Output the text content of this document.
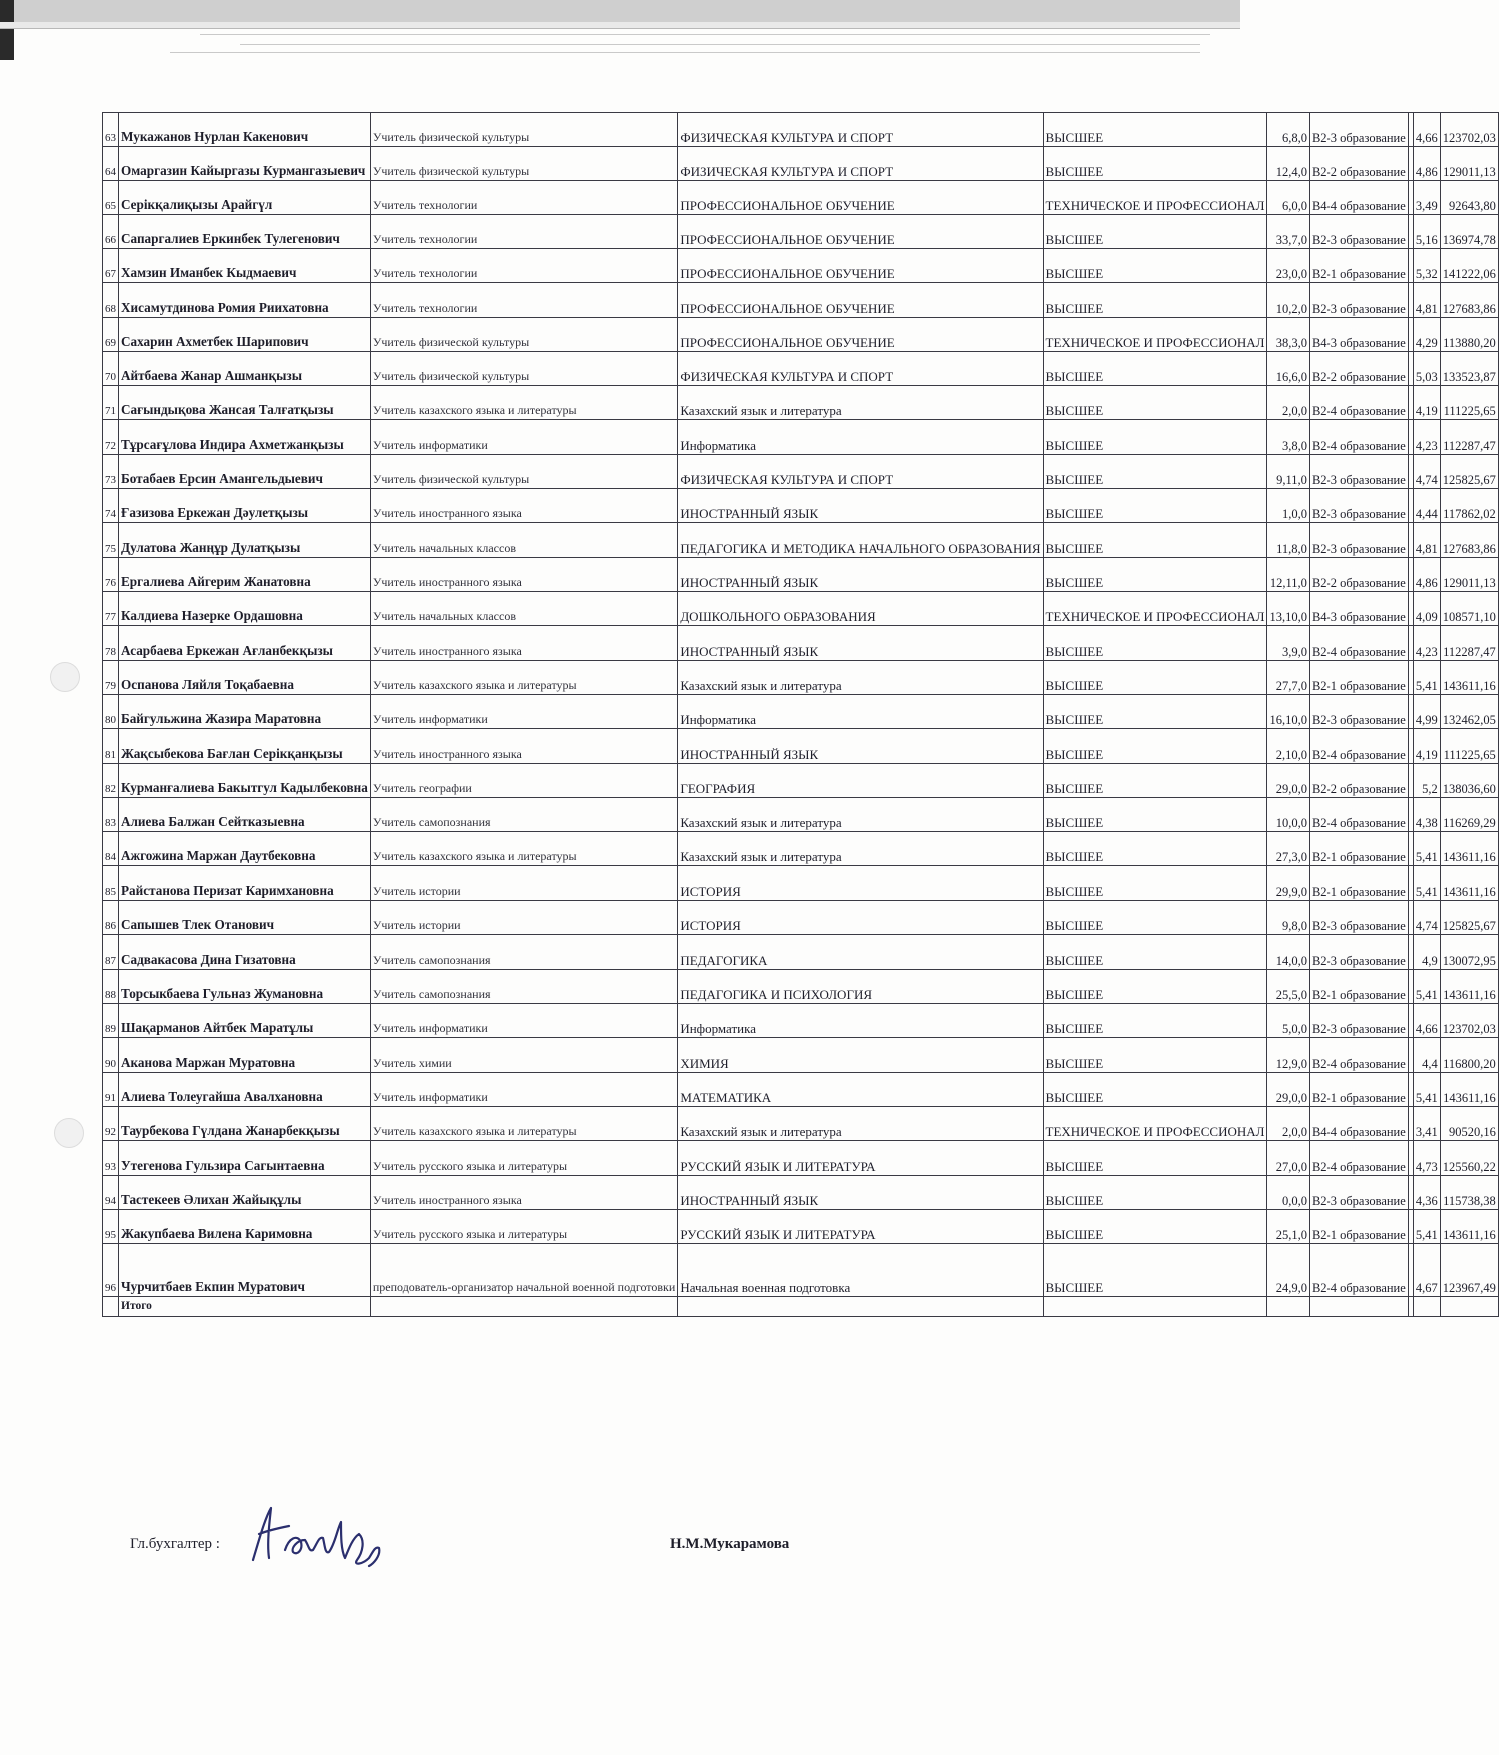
63	Мукажанов Нурлан Какенович	Учитель физической культуры	ФИЗИЧЕСКАЯ КУЛЬТУРА И СПОРТ	ВЫСШЕЕ	6,8,0	В2-3 образование		4,66	123702,03
64	Омаргазин Кайыргазы Курмангазыевич	Учитель физической культуры	ФИЗИЧЕСКАЯ КУЛЬТУРА И СПОРТ	ВЫСШЕЕ	12,4,0	В2-2 образование		4,86	129011,13
65	Серікқалиқызы Арайгүл	Учитель технологии	ПРОФЕССИОНАЛЬНОЕ ОБУЧЕНИЕ	ТЕХНИЧЕСКОЕ И ПРОФЕССИОНАЛ	6,0,0	В4-4 образование		3,49	92643,80
66	Сапаргалиев Еркинбек Тулегенович	Учитель технологии	ПРОФЕССИОНАЛЬНОЕ ОБУЧЕНИЕ	ВЫСШЕЕ	33,7,0	В2-3 образование		5,16	136974,78
67	Хамзин Иманбек Кыдмаевич	Учитель технологии	ПРОФЕССИОНАЛЬНОЕ ОБУЧЕНИЕ	ВЫСШЕЕ	23,0,0	В2-1 образование		5,32	141222,06
68	Хисамутдинова Ромия Риихатовна	Учитель технологии	ПРОФЕССИОНАЛЬНОЕ ОБУЧЕНИЕ	ВЫСШЕЕ	10,2,0	В2-3 образование		4,81	127683,86
69	Сахарин Ахметбек Шарипович	Учитель физической культуры	ПРОФЕССИОНАЛЬНОЕ ОБУЧЕНИЕ	ТЕХНИЧЕСКОЕ И ПРОФЕССИОНАЛ	38,3,0	В4-3 образование		4,29	113880,20
70	Айтбаева Жанар Ашманқызы	Учитель физической культуры	ФИЗИЧЕСКАЯ КУЛЬТУРА И СПОРТ	ВЫСШЕЕ	16,6,0	В2-2 образование		5,03	133523,87
71	Сағындықова Жансая Талғатқызы	Учитель казахского языка и литературы	Казахский язык и литература	ВЫСШЕЕ	2,0,0	В2-4 образование		4,19	111225,65
72	Тұрсағұлова Индира Ахметжанқызы	Учитель информатики	Информатика	ВЫСШЕЕ	3,8,0	В2-4 образование		4,23	112287,47
73	Ботабаев Ерсин Амангельдыевич	Учитель физической культуры	ФИЗИЧЕСКАЯ КУЛЬТУРА И СПОРТ	ВЫСШЕЕ	9,11,0	В2-3 образование		4,74	125825,67
74	Ғазизова Еркежан Дәулетқызы	Учитель иностранного языка	ИНОСТРАННЫЙ ЯЗЫК	ВЫСШЕЕ	1,0,0	В2-3 образование		4,44	117862,02
75	Дулатова Жанңұр Дулатқызы	Учитель начальных классов	ПЕДАГОГИКА И МЕТОДИКА НАЧАЛЬНОГО ОБРАЗОВАНИЯ	ВЫСШЕЕ	11,8,0	В2-3 образование		4,81	127683,86
76	Ергалиева Айгерим Жанатовна	Учитель иностранного языка	ИНОСТРАННЫЙ ЯЗЫК	ВЫСШЕЕ	12,11,0	В2-2 образование		4,86	129011,13
77	Калдиева Назерке Ордашовна	Учитель начальных классов	ДОШКОЛЬНОГО ОБРАЗОВАНИЯ	ТЕХНИЧЕСКОЕ И ПРОФЕССИОНАЛ	13,10,0	В4-3 образование		4,09	108571,10
78	Асарбаева Еркежан Ағланбекқызы	Учитель иностранного языка	ИНОСТРАННЫЙ ЯЗЫК	ВЫСШЕЕ	3,9,0	В2-4 образование		4,23	112287,47
79	Оспанова Ляйля Тоқабаевна	Учитель казахского языка и литературы	Казахский язык и литература	ВЫСШЕЕ	27,7,0	В2-1 образование		5,41	143611,16
80	Байгульжина Жазира Маратовна	Учитель информатики	Информатика	ВЫСШЕЕ	16,10,0	В2-3 образование		4,99	132462,05
81	Жақсыбекова Бағлан Серікқанқызы	Учитель иностранного языка	ИНОСТРАННЫЙ ЯЗЫК	ВЫСШЕЕ	2,10,0	В2-4 образование		4,19	111225,65
82	Курманғалиева Бакытгул Кадылбековна	Учитель географии	ГЕОГРАФИЯ	ВЫСШЕЕ	29,0,0	В2-2 образование		5,2	138036,60
83	Алиева Балжан Сейтказыевна	Учитель самопознания	Казахский язык и литература	ВЫСШЕЕ	10,0,0	В2-4 образование		4,38	116269,29
84	Ажгожина Маржан Даутбековна	Учитель казахского языка и литературы	Казахский язык и литература	ВЫСШЕЕ	27,3,0	В2-1 образование		5,41	143611,16
85	Райстанова Перизат Каримхановна	Учитель истории	ИСТОРИЯ	ВЫСШЕЕ	29,9,0	В2-1 образование		5,41	143611,16
86	Сапышев Тлек Отанович	Учитель истории	ИСТОРИЯ	ВЫСШЕЕ	9,8,0	В2-3 образование		4,74	125825,67
87	Садвакасова Дина Гизатовна	Учитель самопознания	ПЕДАГОГИКА	ВЫСШЕЕ	14,0,0	В2-3 образование		4,9	130072,95
88	Торсыкбаева Гульназ Жумановна	Учитель самопознания	ПЕДАГОГИКА И ПСИХОЛОГИЯ	ВЫСШЕЕ	25,5,0	В2-1 образование		5,41	143611,16
89	Шақарманов Айтбек Маратұлы	Учитель информатики	Информатика	ВЫСШЕЕ	5,0,0	В2-3 образование		4,66	123702,03
90	Аканова Маржан Муратовна	Учитель химии	ХИМИЯ	ВЫСШЕЕ	12,9,0	В2-4 образование		4,4	116800,20
91	Алиева Толеугайша Авалхановна	Учитель информатики	МАТЕМАТИКА	ВЫСШЕЕ	29,0,0	В2-1 образование		5,41	143611,16
92	Таурбекова Гүлдана Жанарбекқызы	Учитель казахского языка и литературы	Казахский язык и литература	ТЕХНИЧЕСКОЕ И ПРОФЕССИОНАЛ	2,0,0	В4-4 образование		3,41	90520,16
93	Утегенова Гульзира Сагынтаевна	Учитель русского языка и литературы	РУССКИЙ ЯЗЫК И ЛИТЕРАТУРА	ВЫСШЕЕ	27,0,0	В2-4 образование		4,73	125560,22
94	Тастекеев Әлихан Жайықұлы	Учитель иностранного языка	ИНОСТРАННЫЙ ЯЗЫК	ВЫСШЕЕ	0,0,0	В2-3 образование		4,36	115738,38
95	Жакупбаева Вилена Каримовна	Учитель русского языка и литературы	РУССКИЙ ЯЗЫК И ЛИТЕРАТУРА	ВЫСШЕЕ	25,1,0	В2-1 образование		5,41	143611,16
96	Чурчитбаев Екпин Муратович	преподователь-организатор начальной военной подготовки	Начальная военная подготовка	ВЫСШЕЕ	24,9,0	В2-4 образование		4,67	123967,49
	Итого								
Гл.бухгалтер :	Н.М.Мукарамова
